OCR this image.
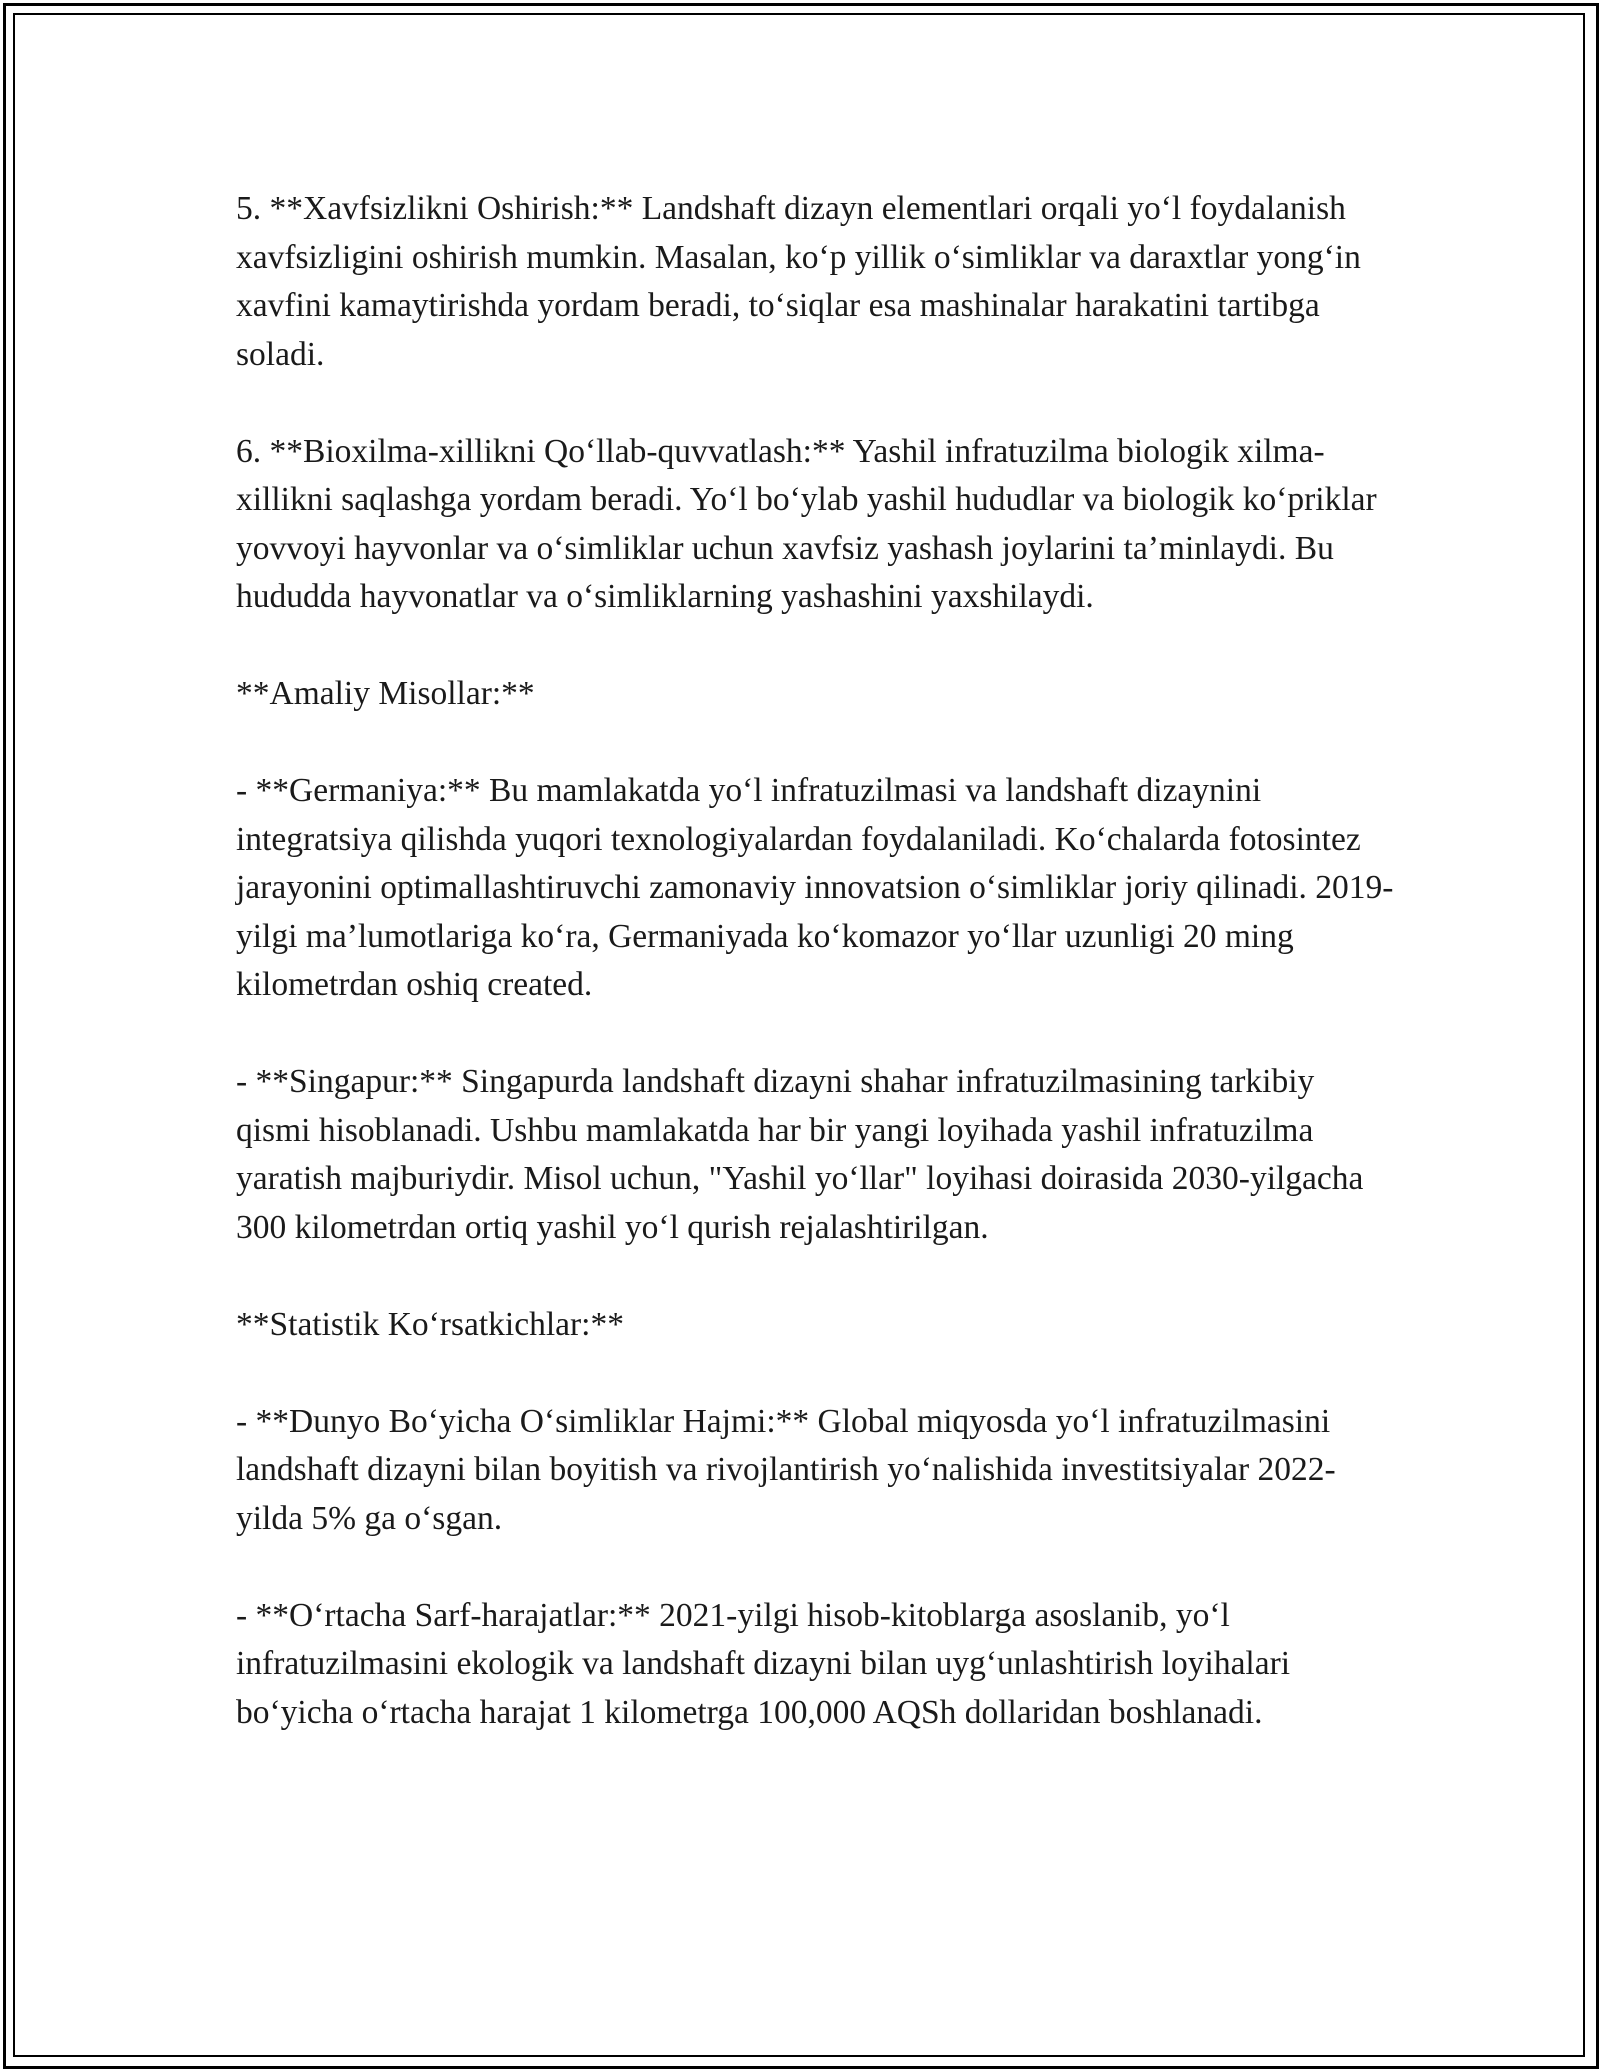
5. **Xavfsizlikni Oshirish:** Landshaft dizayn elementlari orqali yo‘l foydalanish xavfsizligini oshirish mumkin. Masalan, ko‘p yillik o‘simliklar va daraxtlar yong‘in xavfini kamaytirishda yordam beradi, to‘siqlar esa mashinalar harakatini tartibga soladi.

6. **Bioxilma-xillikni Qo‘llab-quvvatlash:** Yashil infratuzilma biologik xilma-xillikni saqlashga yordam beradi. Yo‘l bo‘ylab yashil hududlar va biologik ko‘priklar yovvoyi hayvonlar va o‘simliklar uchun xavfsiz yashash joylarini ta’minlaydi. Bu hududda hayvonatlar va o‘simliklarning yashashini yaxshilaydi.

**Amaliy Misollar:**

- **Germaniya:** Bu mamlakatda yo‘l infratuzilmasi va landshaft dizaynini integratsiya qilishda yuqori texnologiyalardan foydalaniladi. Ko‘chalarda fotosintez jarayonini optimallashtiruvchi zamonaviy innovatsion o‘simliklar joriy qilinadi. 2019-yilgi ma’lumotlariga ko‘ra, Germaniyada ko‘komazor yo‘llar uzunligi 20 ming kilometrdan oshiq created.

- **Singapur:** Singapurda landshaft dizayni shahar infratuzilmasining tarkibiy qismi hisoblanadi. Ushbu mamlakatda har bir yangi loyihada yashil infratuzilma yaratish majburiydir. Misol uchun, "Yashil yo‘llar" loyihasi doirasida 2030-yilgacha 300 kilometrdan ortiq yashil yo‘l qurish rejalashtirilgan.

**Statistik Ko‘rsatkichlar:**

- **Dunyo Bo‘yicha O‘simliklar Hajmi:** Global miqyosda yo‘l infratuzilmasini landshaft dizayni bilan boyitish va rivojlantirish yo‘nalishida investitsiyalar 2022-yilda 5% ga o‘sgan.

- **O‘rtacha Sarf-harajatlar:** 2021-yilgi hisob-kitoblarga asoslanib, yo‘l infratuzilmasini ekologik va landshaft dizayni bilan uyg‘unlashtirish loyihalari bo‘yicha o‘rtacha harajat 1 kilometrga 100,000 AQSh dollaridan boshlanadi.
